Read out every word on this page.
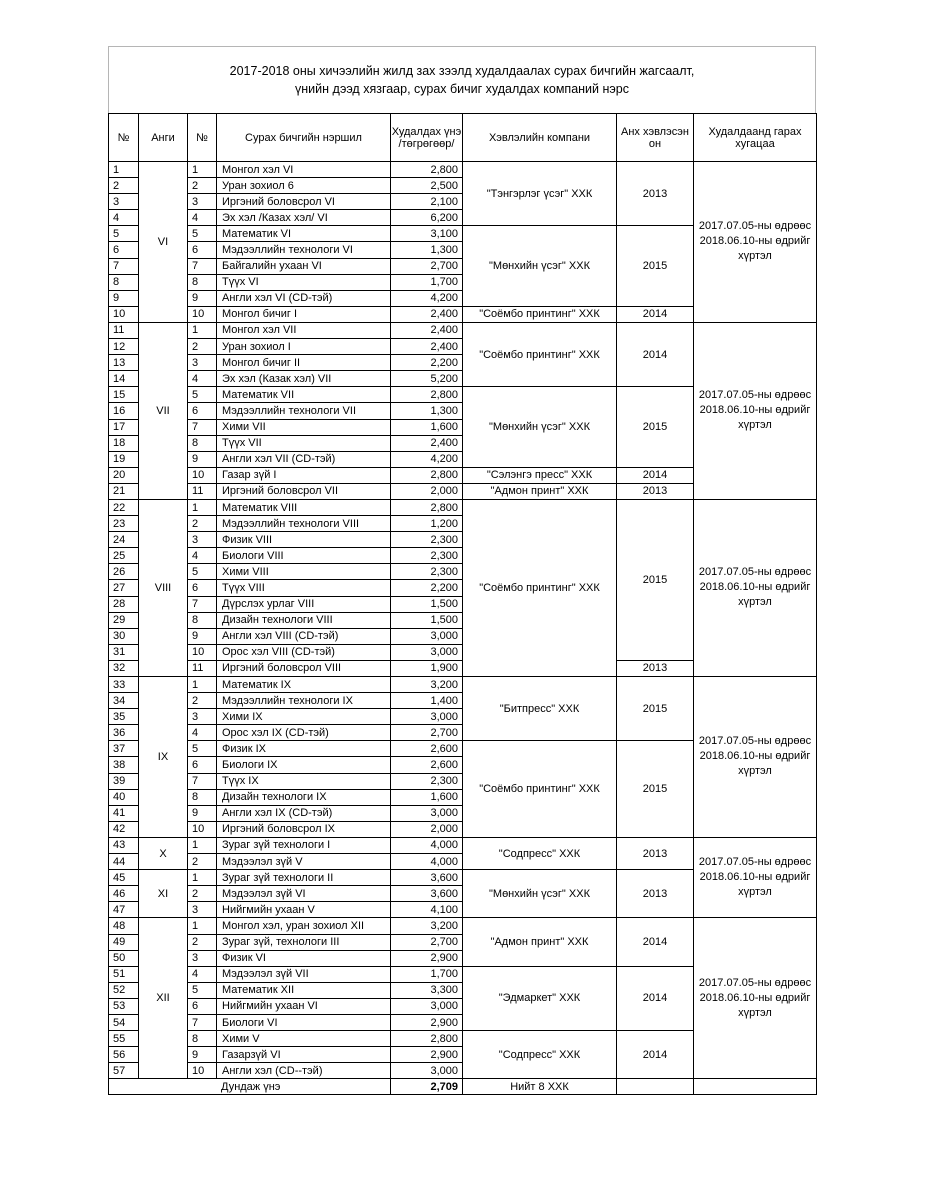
2017-2018 оны хичээлийн жилд зах зээлд худалдаалах сурах бичгийн жагсаалт,
үнийн дээд хязгаар, сурах бичиг худалдах компаний нэрс
№	Анги	№	Сурах бичгийн нэршил	Худалдах үнэ /төгрөгөөр/	Хэвлэлийн компани	Анх хэвлэсэн он	Худалдаанд гарах хугацаа	
1	VI	1	Монгол хэл VI	2,800	"Тэнгэрлэг үсэг" ХХК	2013	2017.07.05-ны өдрөөс 2018.06.10-ны өдрийг хүртэл	
2		2	Уран зохиол 6	2,500				
3		3	Иргэний боловсрол VI	2,100				
4		4	Эх хэл /Казах хэл/ VI	6,200				
5		5	Математик VI	3,100	"Мөнхийн үсэг" ХХК	2015		
6		6	Мэдээллийн технологи VI	1,300				
7		7	Байгалийн ухаан VI	2,700				
8		8	Түүх VI	1,700				
9		9	Англи хэл VI (CD-тэй)	4,200				
10		10	Монгол бичиг I	2,400	"Соёмбо принтинг" ХХК	2014		
11	VII	1	Монгол хэл VII	2,400	"Соёмбо принтинг" ХХК	2014	2017.07.05-ны өдрөөс 2018.06.10-ны өдрийг хүртэл	
12		2	Уран зохиол I	2,400				
13		3	Монгол бичиг II	2,200				
14		4	Эх хэл (Казак хэл) VII	5,200				
15		5	Математик VII	2,800	"Мөнхийн үсэг" ХХК	2015		
16		6	Мэдээллийн технологи VII	1,300				
17		7	Хими VII	1,600				
18		8	Түүх VII	2,400				
19		9	Англи хэл VII (CD-тэй)	4,200				
20		10	Газар зүй I	2,800	"Сэлэнгэ пресс" ХХК	2014		
21		11	Иргэний боловсрол VII	2,000	"Адмон принт" ХХК	2013		
22	VIII	1	Математик VIII	2,800	"Соёмбо принтинг" ХХК	2015	2017.07.05-ны өдрөөс 2018.06.10-ны өдрийг хүртэл	
23		2	Мэдээллийн технологи VIII	1,200				
24		3	Физик VIII	2,300				
25		4	Биологи VIII	2,300				
26		5	Хими VIII	2,300				
27		6	Түүх VIII	2,200				
28		7	Дүрслэх урлаг VIII	1,500				
29		8	Дизайн технологи VIII	1,500				
30		9	Англи хэл VIII (CD-тэй)	3,000				
31		10	Орос хэл VIII (CD-тэй)	3,000				
32		11	Иргэний боловсрол VIII	1,900		2013		
33	IX	1	Математик IX	3,200	"Битпресс" ХХК	2015	2017.07.05-ны өдрөөс 2018.06.10-ны өдрийг хүртэл	
34		2	Мэдээллийн технологи IX	1,400				
35		3	Хими IX	3,000				
36		4	Орос хэл IX (CD-тэй)	2,700				
37		5	Физик IX	2,600	"Соёмбо принтинг" ХХК	2015		
38		6	Биологи IX	2,600				
39		7	Түүх IX	2,300				
40		8	Дизайн технологи IX	1,600				
41		9	Англи хэл IX (CD-тэй)	3,000				
42		10	Иргэний боловсрол IX	2,000		
43	X	1	Зураг зүй технологи I	4,000	"Содпресс" ХХК	2013	2017.07.05-ны өдрөөс 2018.06.10-ны өдрийг хүртэл	
44		2	Мэдээлэл зүй V	4,000				
45	XI	1	Зураг зүй технологи II	3,600	"Мөнхийн үсэг" ХХК	2013		
46		2	Мэдээлэл зүй VI	3,600				
47		3	Нийгмийн ухаан V	4,100				
48	XII	1	Монгол хэл, уран зохиол XII	3,200	"Адмон принт" ХХК	2014	2017.07.05-ны өдрөөс 2018.06.10-ны өдрийг хүртэл	
49		2	Зураг зүй, технологи III	2,700				
50		3	Физик VI	2,900				
51		4	Мэдээлэл зүй VII	1,700	"Эдмаркет" ХХК	2014		
52		5	Математик XII	3,300				
53		6	Нийгмийн ухаан VI	3,000				
54		7	Биологи VI	2,900				
55		8	Хими V	2,800	"Содпресс" ХХК	2014		
56		9	Газарзүй VI	2,900				
57		10	Англи хэл (CD--тэй)	3,000				
Дундаж үнэ				2,709	Нийт 8 ХХК			
